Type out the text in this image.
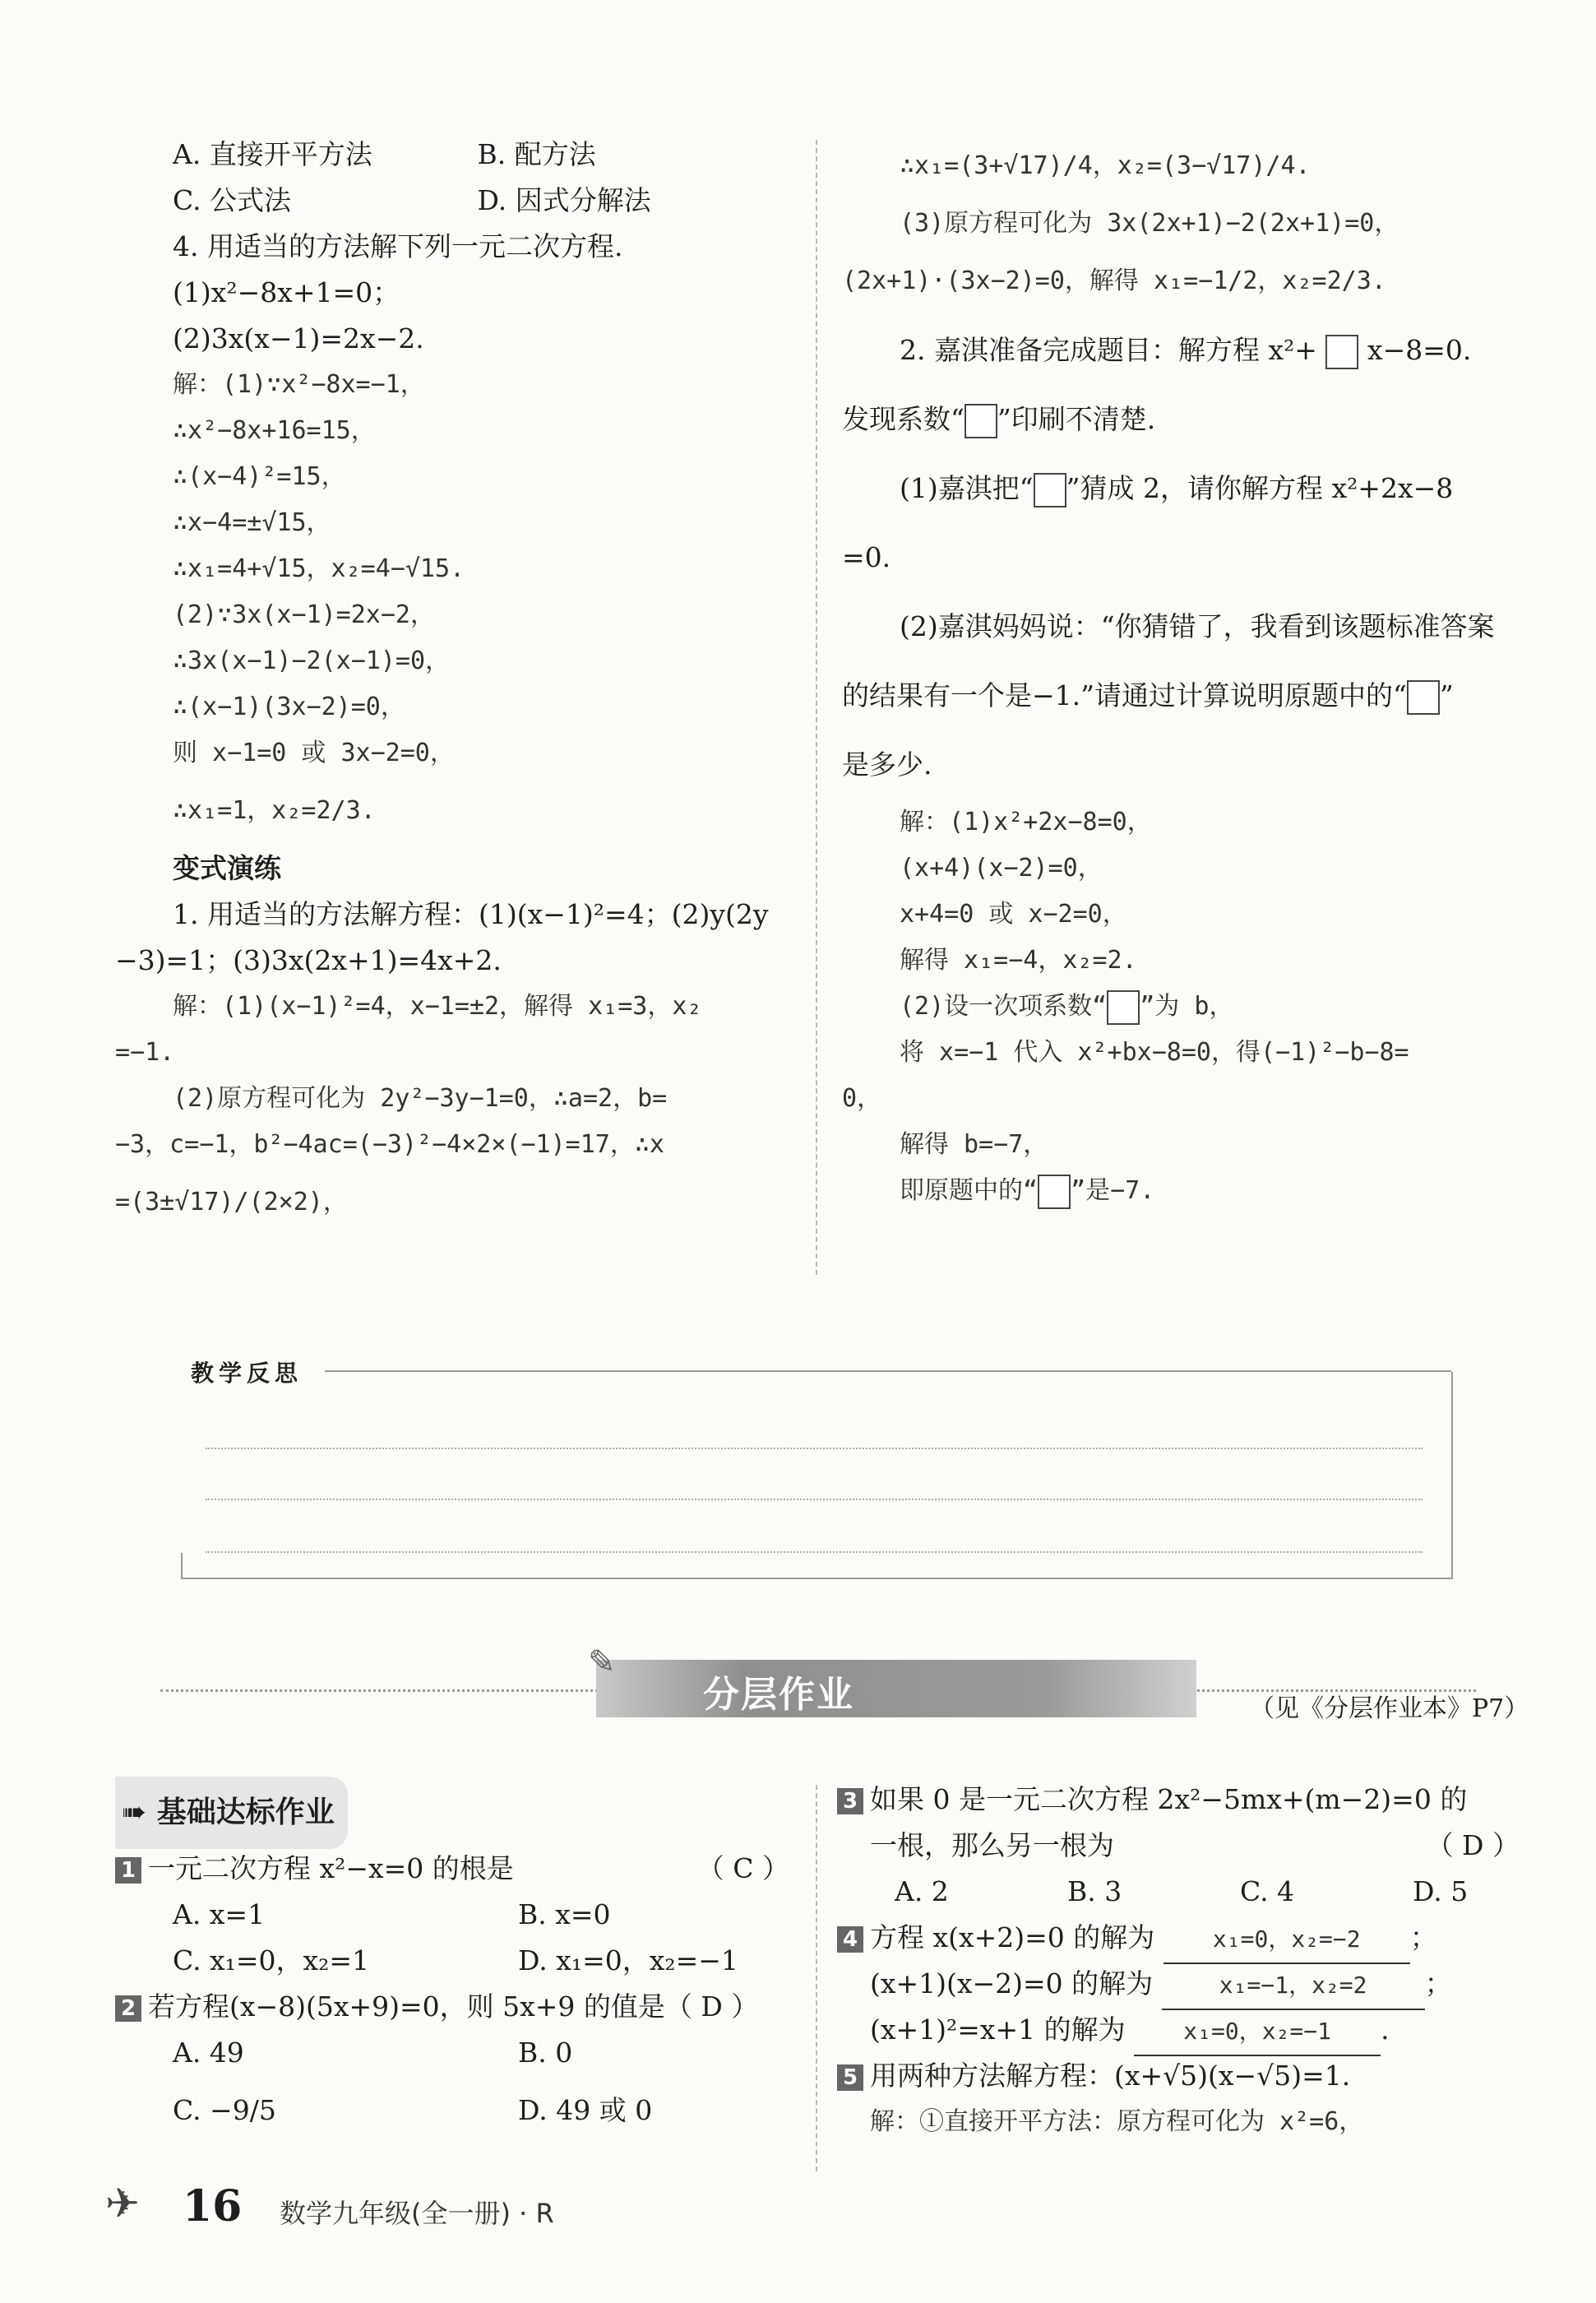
A. 直接开平方法	B. 配方法
C. 公式法	D. 因式分解法
4. 用适当的方法解下列一元二次方程.
(1)x²−8x+1=0；
(2)3x(x−1)=2x−2.
解：(1)∵x²−8x=−1，
∴x²−8x+16=15，
∴(x−4)²=15，
∴x−4=±√15，
∴x₁=4+√15，x₂=4−√15.
(2)∵3x(x−1)=2x−2，
∴3x(x−1)−2(x−1)=0，
∴(x−1)(3x−2)=0，
则 x−1=0 或 3x−2=0，
∴x₁=1，x₂=2/3.
变式演练
1. 用适当的方法解方程：(1)(x−1)²=4；(2)y(2y
−3)=1；(3)3x(2x+1)=4x+2.
解：(1)(x−1)²=4，x−1=±2，解得 x₁=3，x₂
=−1.
(2)原方程可化为 2y²−3y−1=0，∴a=2，b=
−3，c=−1，b²−4ac=(−3)²−4×2×(−1)=17，∴x
=(3±√17)/(2×2)，
∴x₁=(3+√17)/4，x₂=(3−√17)/4.
(3)原方程可化为 3x(2x+1)−2(2x+1)=0，
(2x+1)·(3x−2)=0，解得 x₁=−1/2，x₂=2/3.
2. 嘉淇准备完成题目：解方程 x²+ x−8=0.
发现系数“ ”印刷不清楚.
(1)嘉淇把“ ”猜成 2，请你解方程 x²+2x−8
=0.
(2)嘉淇妈妈说：“你猜错了，我看到该题标准答案
的结果有一个是−1.”请通过计算说明原题中的“ ”
是多少.
解：(1)x²+2x−8=0，
(x+4)(x−2)=0，
x+4=0 或 x−2=0，
解得 x₁=−4，x₂=2.
(2)设一次项系数“ ”为 b，
将 x=−1 代入 x²+bx−8=0，得(−1)²−b−8=
0，
解得 b=−7，
即原题中的“ ”是−7.
教学反思
✎
分层作业	（见《分层作业本》P7）
➠ 基础达标作业
1 一元二次方程 x²−x=0 的根是	（ C ）
A. x=1	B. x=0
C. x₁=0，x₂=1	D. x₁=0，x₂=−1
2 若方程(x−8)(5x+9)=0，则 5x+9 的值是（ D ）
A. 49	B. 0
C. −9/5	D. 49 或 0
3 如果 0 是一元二次方程 2x²−5mx+(m−2)=0 的
一根，那么另一根为	（ D ）
A. 2	B. 3	C. 4	D. 5
4 方程 x(x+2)=0 的解为	x₁=0，x₂=−2 ；
(x+1)(x−2)=0 的解为	x₁=−1，x₂=2 ；
(x+1)²=x+1 的解为	x₁=0，x₂=−1 .
5 用两种方法解方程：(x+√5)(x−√5)=1.
解：①直接开平方法：原方程可化为 x²=6，
✈ 16 数学九年级(全一册) · R
